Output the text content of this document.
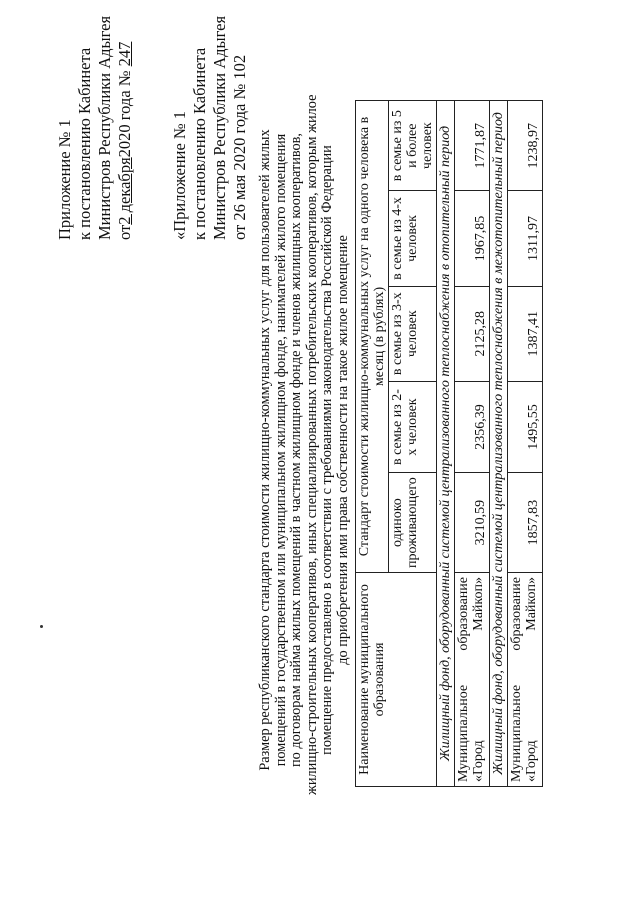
Приложение № 1 к постановлению Кабинета Министров Республики Адыгея от2 декабря2020 года № 247
«Приложение № 1 к постановлению Кабинета Министров Республики Адыгея от 26 мая 2020 года № 102 Размер республиканского стандарта стоимости жилищно-коммунальных услуг для пользователей жилых помещений в государственном или муниципальном жилищном фонде, нанимателей жилого помещения по договорам найма жилых помещений в частном жилищном фонде и членов жилищных кооперативов, жилищно-строительных кооперативов, иных специализированных потребительских кооперативов, которым жилое помещение предоставлено в соответствии с требованиями законодательства Российской Федерации до приобретения ими права собственности на такое жилое помещение
Наименование муниципального образования	Стандарт стоимости жилищно-коммунальных услуг на одного человека в месяц (в рублях)				
	одиноко проживающего	в семье из 2-х человек	в семье из 3-х человек	в семье из 4-х человек	в семье из 5 и более человек
Жилищный фонд, оборудованный системой централизованного теплоснабжения в отопительный период					
Муниципальное образование «Город Майкоп»	3210,59	2356,39	2125,28	1967,85	1771,87
Жилищный фонд, оборудованный системой централизованного теплоснабжения в межотопительный период					
Муниципальное образование «Город Майкоп»	1857,83	1495,55	1387,41	1311,97	1238,97
